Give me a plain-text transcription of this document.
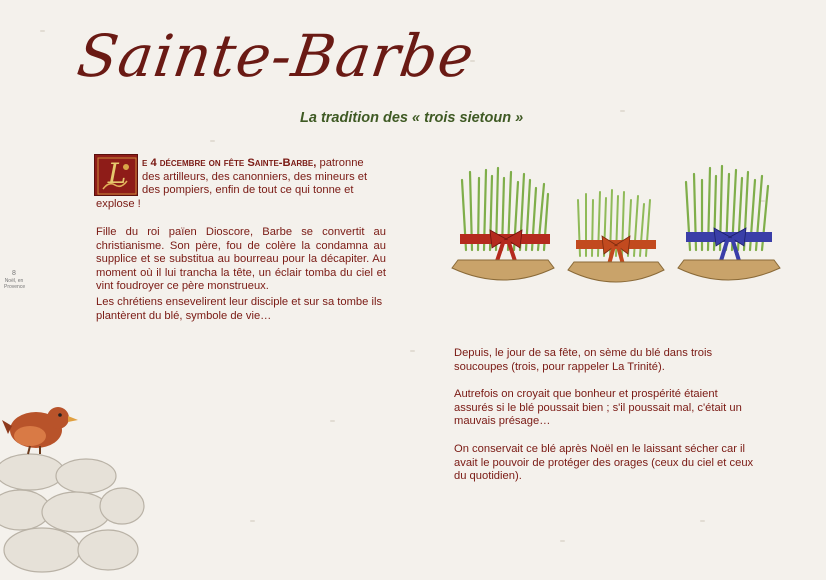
Sainte-Barbe
La tradition des « trois sietoun »
L	e 4 décembre on fête Sainte-Barbe, patronne
des artilleurs, des canonniers, des mineurs et
des pompiers, enfin de tout ce qui tonne et
explose !
Fille du roi païen Dioscore, Barbe se convertit au christianisme. Son père, fou de colère la condamna au supplice et se substitua au bourreau pour la décapiter. Au moment où il lui trancha la tête, un éclair tomba du ciel et vint foudroyer ce père monstrueux.
Les chrétiens ensevelirent leur disciple et sur sa tombe ils plantèrent du blé, symbole de vie…
8
Noël, en Provence
Depuis, le jour de sa fête, on sème du blé dans trois soucoupes (trois, pour rappeler La Trinité).
Autrefois on croyait que bonheur et prospérité étaient assurés si le blé poussait bien ; s'il poussait mal, c'était un mauvais présage…
On conservait ce blé après Noël en le laissant sécher car il avait le pouvoir de protéger des orages (ceux du ciel et ceux du quotidien).
